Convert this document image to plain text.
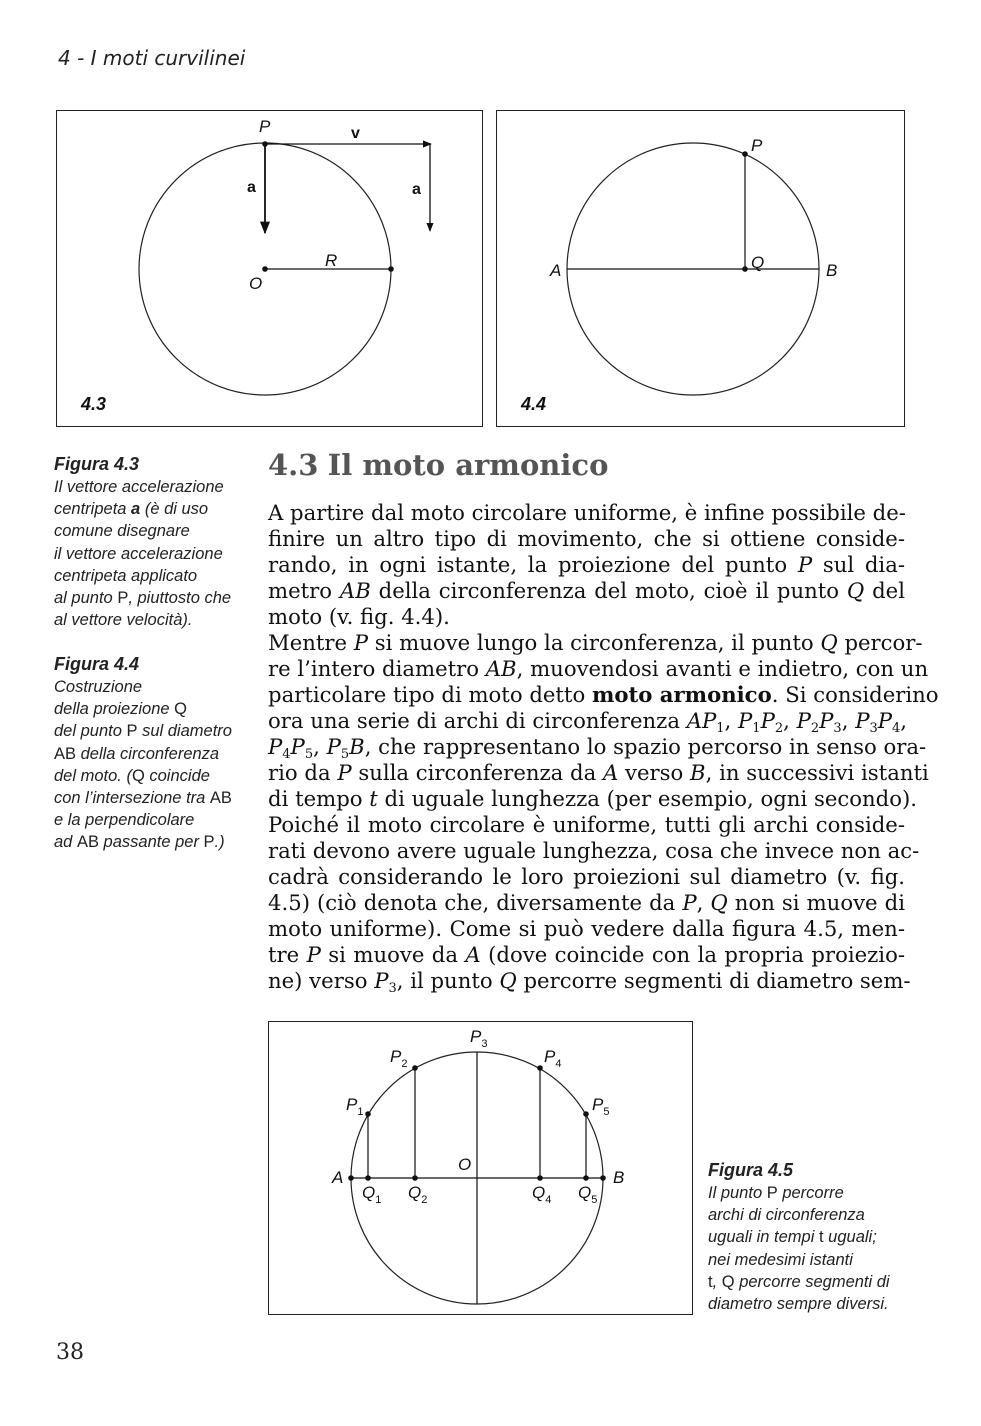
4 - I moti curvilinei
P	v
a	a
R
O
4.3
P
A	Q	B
4.4
Figura 4.3
Il vettore accelerazione
centripeta a (è di uso
comune disegnare
il vettore accelerazione
centripeta applicato
al punto P, piuttosto che
al vettore velocità).
Figura 4.4
Costruzione
della proiezione Q
del punto P sul diametro
AB della circonferenza
del moto. (Q coincide
con l’intersezione tra AB
e la perpendicolare
ad AB passante per P.)
4.3 Il moto armonico
A partire dal moto circolare uniforme, è infine possibile de-
finire un altro tipo di movimento, che si ottiene conside-
rando, in ogni istante, la proiezione del punto P sul dia-
metro AB della circonferenza del moto, cioè il punto Q del
moto (v. fig. 4.4).
Mentre P si muove lungo la circonferenza, il punto Q percor-
re l’intero diametro AB, muovendosi avanti e indietro, con un
particolare tipo di moto detto moto armonico. Si considerino
ora una serie di archi di circonferenza $AP_1$, $P_1P_2$, $P_2P_3$, $P_3P_4$,
$P_4P_5$, $P_5B$, che rappresentano lo spazio percorso in senso ora-
rio da P sulla circonferenza da A verso B, in successivi istanti
di tempo t di uguale lunghezza (per esempio, ogni secondo).
Poiché il moto circolare è uniforme, tutti gli archi conside-
rati devono avere uguale lunghezza, cosa che invece non ac-
cadrà considerando le loro proiezioni sul diametro (v. fig.
4.5) (ciò denota che, diversamente da P, Q non si muove di
moto uniforme). Come si può vedere dalla figura 4.5, men-
tre P si muove da A (dove coincide con la propria proiezio-
ne) verso $P_3$, il punto Q percorre segmenti di diametro sem-
$P_3$
$P_2$	$P_4$
$P_1$	$P_5$
A	B
O
$Q_1$ $Q_2$	$Q_4$ $Q_5$
Figura 4.5
Il punto P percorre
archi di circonferenza
uguali in tempi t uguali;
nei medesimi istanti
t, Q percorre segmenti di
diametro sempre diversi.
38
